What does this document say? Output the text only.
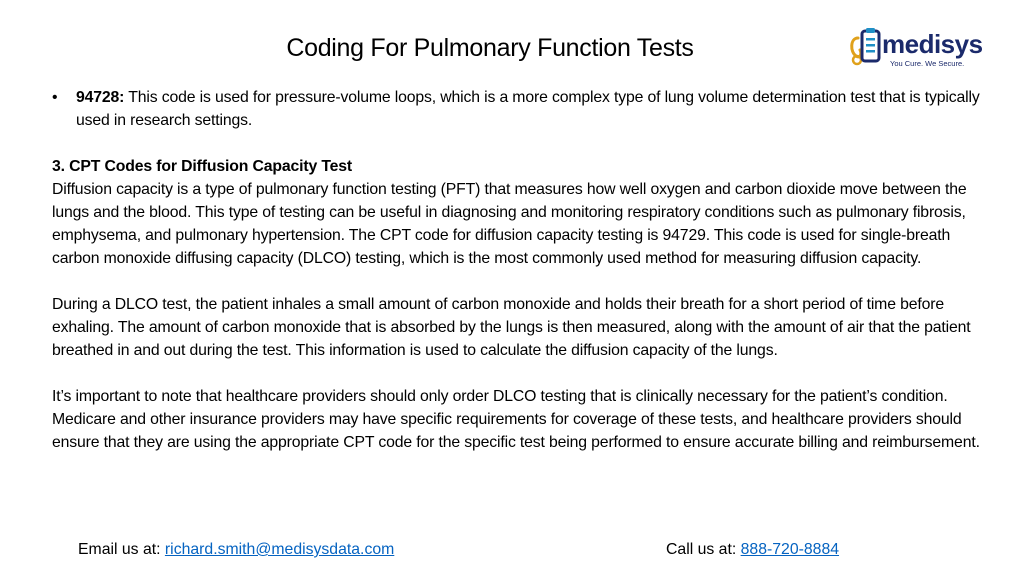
Coding For Pulmonary Function Tests	medisys
You Cure. We Secure.

• 94728: This code is used for pressure-volume loops, which is a more complex type of lung volume determination test that is typically used in research settings.

3. CPT Codes for Diffusion Capacity Test

Diffusion capacity is a type of pulmonary function testing (PFT) that measures how well oxygen and carbon dioxide move between the lungs and the blood. This type of testing can be useful in diagnosing and monitoring respiratory conditions such as pulmonary fibrosis, emphysema, and pulmonary hypertension. The CPT code for diffusion capacity testing is 94729. This code is used for single-breath carbon monoxide diffusing capacity (DLCO) testing, which is the most commonly used method for measuring diffusion capacity.

During a DLCO test, the patient inhales a small amount of carbon monoxide and holds their breath for a short period of time before exhaling. The amount of carbon monoxide that is absorbed by the lungs is then measured, along with the amount of air that the patient breathed in and out during the test. This information is used to calculate the diffusion capacity of the lungs.

It’s important to note that healthcare providers should only order DLCO testing that is clinically necessary for the patient’s condition. Medicare and other insurance providers may have specific requirements for coverage of these tests, and healthcare providers should ensure that they are using the appropriate CPT code for the specific test being performed to ensure accurate billing and reimbursement.

Email us at: richard.smith@medisysdata.com	Call us at: 888-720-8884
